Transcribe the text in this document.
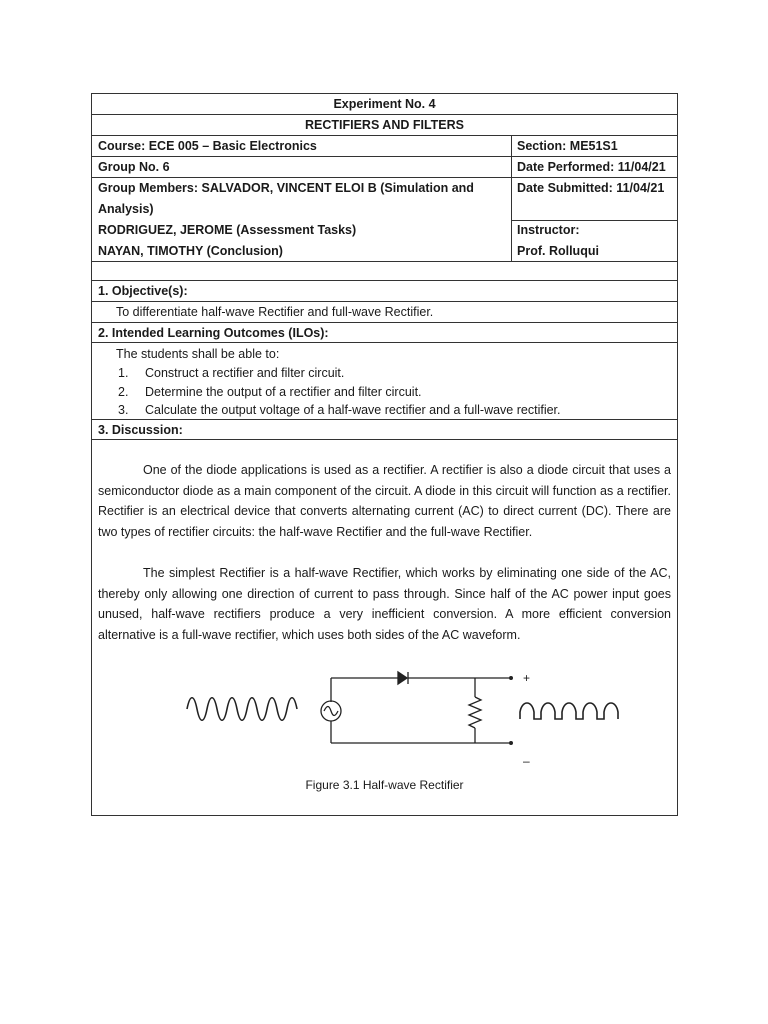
Experiment No. 4
RECTIFIERS AND FILTERS
Course: ECE 005 – Basic Electronics	Section: ME51S1
Group No. 6	Date Performed: 11/04/21
Group Members: SALVADOR, VINCENT ELOI B (Simulation and
Analysis)
Date Submitted: 11/04/21
RODRIGUEZ, JEROME (Assessment Tasks)
NAYAN, TIMOTHY (Conclusion)
Instructor:
Prof. Rolluqui
1. Objective(s):
To differentiate half-wave Rectifier and full-wave Rectifier.
2. Intended Learning Outcomes (ILOs):
The students shall be able to:
1. Construct a rectifier and filter circuit.
2. Determine the output of a rectifier and filter circuit.
3. Calculate the output voltage of a half-wave rectifier and a full-wave rectifier.
3. Discussion:
One of the diode applications is used as a rectifier. A rectifier is also a diode circuit that uses a semiconductor diode as a main component of the circuit. A diode in this circuit will function as a rectifier. Rectifier is an electrical device that converts alternating current (AC) to direct current (DC). There are two types of rectifier circuits: the half-wave Rectifier and the full-wave Rectifier.
The simplest Rectifier is a half-wave Rectifier, which works by eliminating one side of the AC, thereby only allowing one direction of current to pass through. Since half of the AC power input goes unused, half-wave rectifiers produce a very inefficient conversion. A more efficient conversion alternative is a full-wave rectifier, which uses both sides of the AC waveform.
+
–
Figure 3.1 Half-wave Rectifier
